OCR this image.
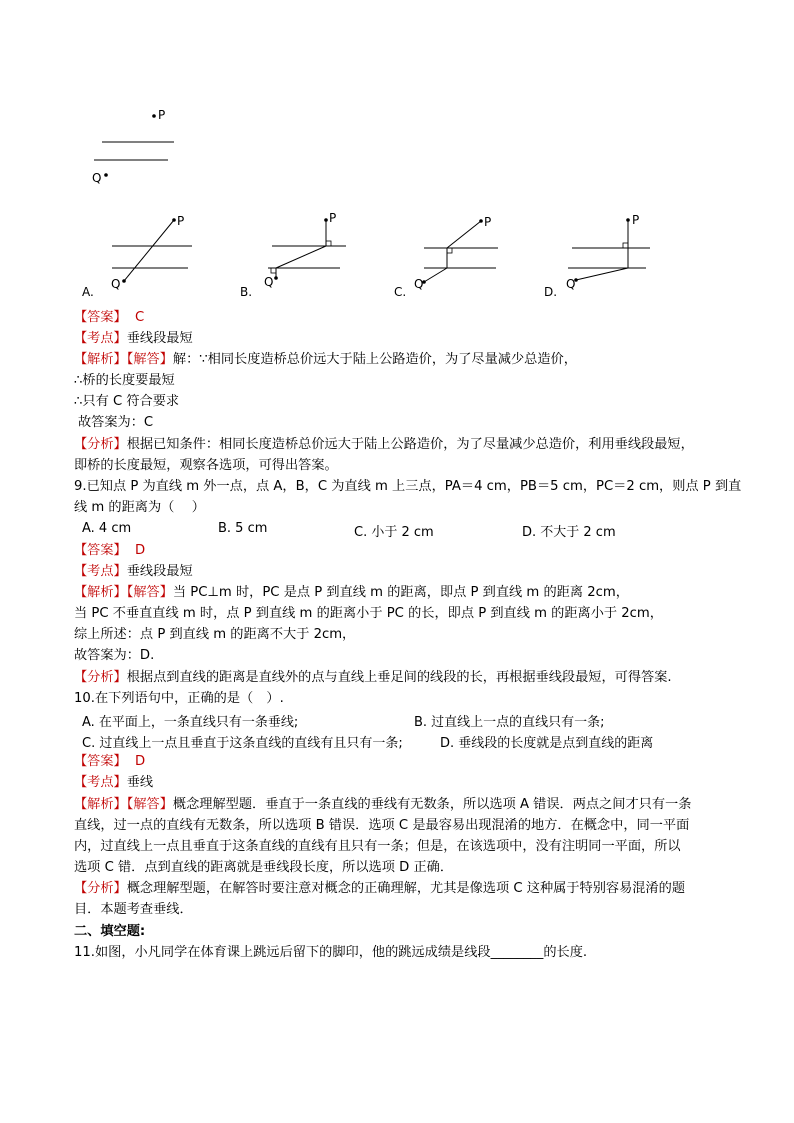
P
Q
P
Q
A.
P
Q
B.
P
Q
C.
P
Q
D.
【答案】 C
【考点】垂线段最短
【解析】【解答】解：∵相同长度造桥总价远大于陆上公路造价，为了尽量减少总造价，
∴桥的长度要最短
∴只有 C 符合要求
故答案为：C
【分析】根据已知条件：相同长度造桥总价远大于陆上公路造价，为了尽量减少总造价，利用垂线段最短，
即桥的长度最短，观察各选项，可得出答案。
9.已知点 P 为直线 m 外一点，点 A，B，C 为直线 m 上三点，PA＝4 cm，PB＝5 cm，PC＝2 cm，则点 P 到直
线 m 的距离为（　 ）
A. 4 cm	B. 5 cm	C. 小于 2 cm	D. 不大于 2 cm
【答案】 D
【考点】垂线段最短
【解析】【解答】当 PC⊥m 时，PC 是点 P 到直线 m 的距离，即点 P 到直线 m 的距离 2cm，
当 PC 不垂直直线 m 时，点 P 到直线 m 的距离小于 PC 的长，即点 P 到直线 m 的距离小于 2cm，
综上所述：点 P 到直线 m 的距离不大于 2cm，
故答案为：D.
【分析】根据点到直线的距离是直线外的点与直线上垂足间的线段的长，再根据垂线段最短，可得答案.
10.在下列语句中，正确的是（　）.
A. 在平面上，一条直线只有一条垂线;	B. 过直线上一点的直线只有一条;
C. 过直线上一点且垂直于这条直线的直线有且只有一条;	D. 垂线段的长度就是点到直线的距离
【答案】 D
【考点】垂线
【解析】【解答】概念理解型题．垂直于一条直线的垂线有无数条，所以选项 A 错误．两点之间才只有一条
直线，过一点的直线有无数条，所以选项 B 错误．选项 C 是最容易出现混淆的地方．在概念中，同一平面
内，过直线上一点且垂直于这条直线的直线有且只有一条；但是，在该选项中，没有注明同一平面，所以
选项 C 错．点到直线的距离就是垂线段长度，所以选项 D 正确．
【分析】概念理解型题，在解答时要注意对概念的正确理解，尤其是像选项 C 这种属于特别容易混淆的题
目．本题考查垂线．
二、填空题:
11.如图，小凡同学在体育课上跳远后留下的脚印，他的跳远成绩是线段________的长度.
